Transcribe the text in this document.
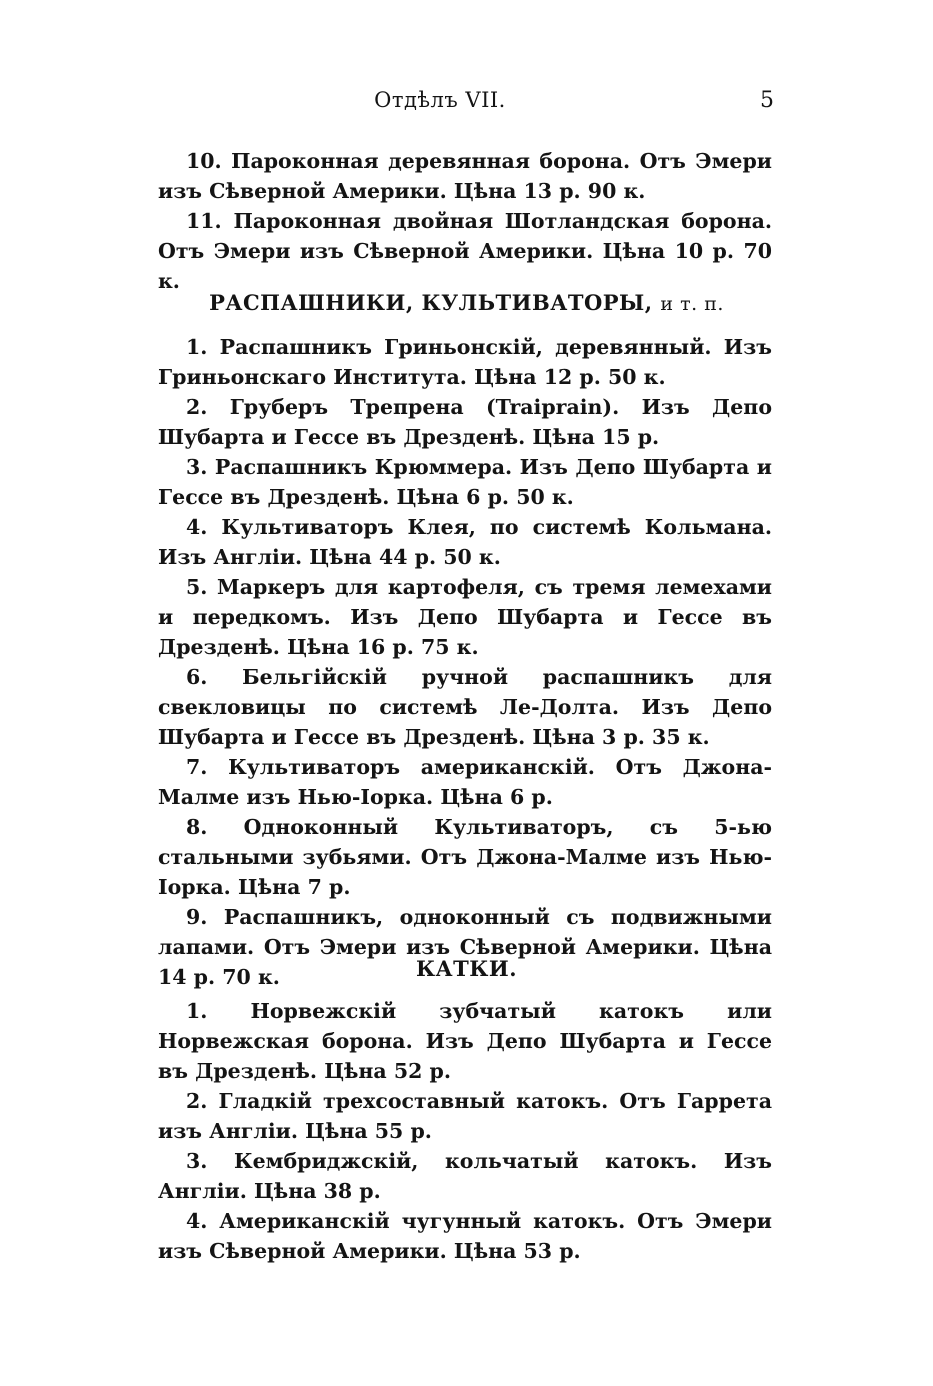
Отдѣлъ VII.	5

10. Пароконная деревянная борона. Отъ Эмери изъ Сѣверной Америки. Цѣна 13 р. 90 к.

11. Пароконная двойная Шотландская борона. Отъ Эмери изъ Сѣверной Америки. Цѣна 10 р. 70 к.

РАСПАШНИКИ, КУЛЬТИВАТОРЫ, и т. п.

1. Распашникъ Гриньонскій, деревянный. Изъ Гриньонскаго Института. Цѣна 12 р. 50 к.

2. Груберъ Трепрена (Traiprain). Изъ Депо Шубарта и Гессе въ Дрезденѣ. Цѣна 15 р.

3. Распашникъ Крюммера. Изъ Депо Шубарта и Гессе въ Дрезденѣ. Цѣна 6 р. 50 к.

4. Культиваторъ Клея, по системѣ Кольмана. Изъ Англіи. Цѣна 44 р. 50 к.

5. Маркеръ для картофеля, съ тремя лемехами и передкомъ. Изъ Депо Шубарта и Гессе въ Дрезденѣ. Цѣна 16 р. 75 к.

6. Бельгійскій ручной распашникъ для свекловицы по системѣ Ле-Долта. Изъ Депо Шубарта и Гессе въ Дрезденѣ. Цѣна 3 р. 35 к.

7. Культиваторъ американскій. Отъ Джона-Малме изъ Нью-Іорка. Цѣна 6 р.

8. Одноконный Культиваторъ, съ 5-ью стальными зубьями. Отъ Джона-Малме изъ Нью-Іорка. Цѣна 7 р.

9. Распашникъ, одноконный съ подвижными лапами. Отъ Эмери изъ Сѣверной Америки. Цѣна 14 р. 70 к.	КАТКИ.

1. Норвежскій зубчатый катокъ или Норвежская борона. Изъ Депо Шубарта и Гессе въ Дрезденѣ. Цѣна 52 р.

2. Гладкій трехсоставный катокъ. Отъ Гаррета изъ Англіи. Цѣна 55 р.

3. Кембриджскій, кольчатый катокъ. Изъ Англіи. Цѣна 38 р.

4. Американскій чугунный катокъ. Отъ Эмери изъ Сѣверной Америки. Цѣна 53 р.
